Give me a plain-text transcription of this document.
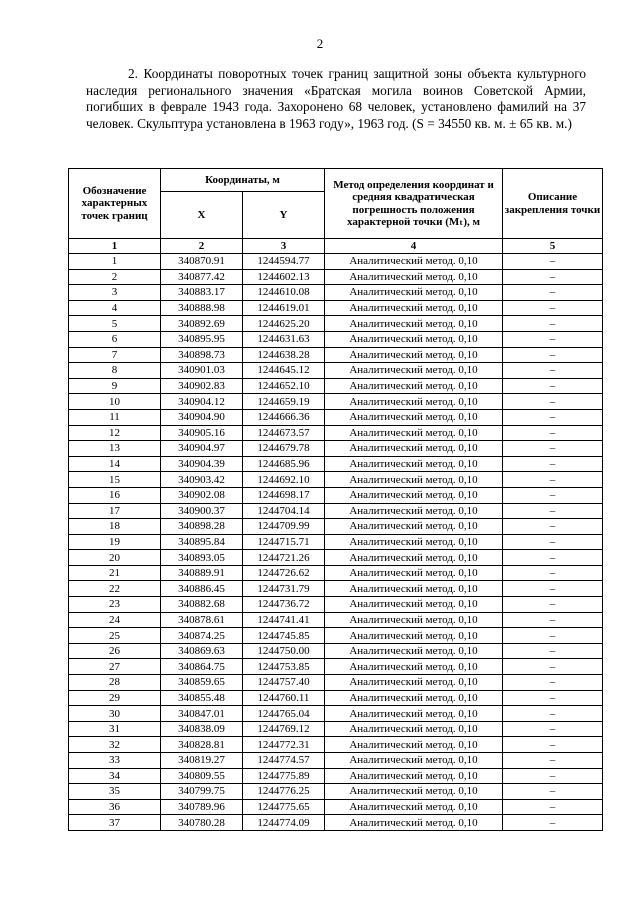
2

2. Координаты поворотных точек границ защитной зоны объекта культурного наследия регионального значения «Братская могила воинов Советской Армии, погибших в феврале 1943 года. Захоронено 68 человек, установлено фамилий на 37 человек. Скульптура установлена в 1963 году», 1963 год. (S = 34550 кв. м. ± 65 кв. м.)

Обозначение характерных точек границ	Координаты, м		Метод определения координат и средняя квадратическая погрешность положения характерной точки (Мₜ), м	Описание закрепления точки
	X	Y		
1	2	3	4	5
1	340870.91	1244594.77	Аналитический метод. 0,10	–
2	340877.42	1244602.13	Аналитический метод. 0,10	–
3	340883.17	1244610.08	Аналитический метод. 0,10	–
4	340888.98	1244619.01	Аналитический метод. 0,10	–
5	340892.69	1244625.20	Аналитический метод. 0,10	–
6	340895.95	1244631.63	Аналитический метод. 0,10	–
7	340898.73	1244638.28	Аналитический метод. 0,10	–
8	340901.03	1244645.12	Аналитический метод. 0,10	–
9	340902.83	1244652.10	Аналитический метод. 0,10	–
10	340904.12	1244659.19	Аналитический метод. 0,10	–
11	340904.90	1244666.36	Аналитический метод. 0,10	–
12	340905.16	1244673.57	Аналитический метод. 0,10	–
13	340904.97	1244679.78	Аналитический метод. 0,10	–
14	340904.39	1244685.96	Аналитический метод. 0,10	–
15	340903.42	1244692.10	Аналитический метод. 0,10	–
16	340902.08	1244698.17	Аналитический метод. 0,10	–
17	340900.37	1244704.14	Аналитический метод. 0,10	–
18	340898.28	1244709.99	Аналитический метод. 0,10	–
19	340895.84	1244715.71	Аналитический метод. 0,10	–
20	340893.05	1244721.26	Аналитический метод. 0,10	–
21	340889.91	1244726.62	Аналитический метод. 0,10	–
22	340886.45	1244731.79	Аналитический метод. 0,10	–
23	340882.68	1244736.72	Аналитический метод. 0,10	–
24	340878.61	1244741.41	Аналитический метод. 0,10	–
25	340874.25	1244745.85	Аналитический метод. 0,10	–
26	340869.63	1244750.00	Аналитический метод. 0,10	–
27	340864.75	1244753.85	Аналитический метод. 0,10	–
28	340859.65	1244757.40	Аналитический метод. 0,10	–
29	340855.48	1244760.11	Аналитический метод. 0,10	–
30	340847.01	1244765.04	Аналитический метод. 0,10	–
31	340838.09	1244769.12	Аналитический метод. 0,10	–
32	340828.81	1244772.31	Аналитический метод. 0,10	–
33	340819.27	1244774.57	Аналитический метод. 0,10	–
34	340809.55	1244775.89	Аналитический метод. 0,10	–
35	340799.75	1244776.25	Аналитический метод. 0,10	–
36	340789.96	1244775.65	Аналитический метод. 0,10	–
37	340780.28	1244774.09	Аналитический метод. 0,10	–
